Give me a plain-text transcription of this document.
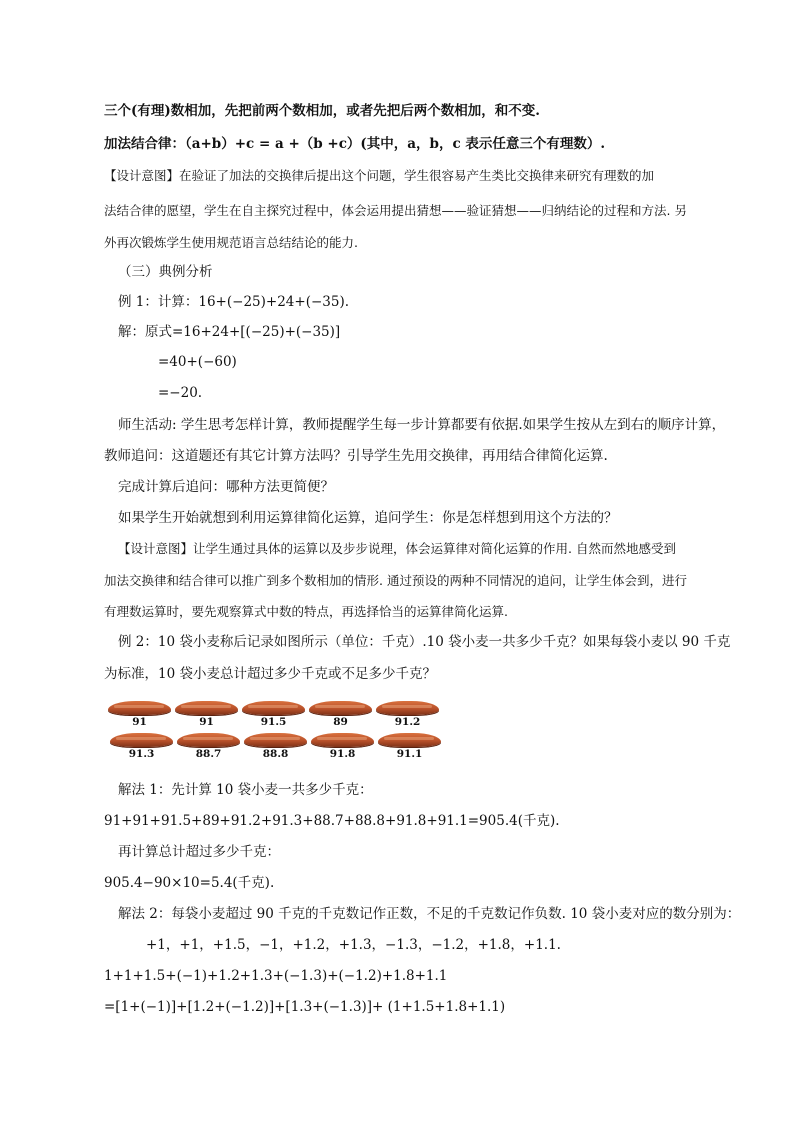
三个(有理)数相加，先把前两个数相加，或者先把后两个数相加，和不变.
加法结合律：（a+b）+c = a +（b +c）(其中，a，b，c 表示任意三个有理数）.
【设计意图】在验证了加法的交换律后提出这个问题，学生很容易产生类比交换律来研究有理数的加
法结合律的愿望，学生在自主探究过程中，体会运用提出猜想——验证猜想——归纳结论的过程和方法. 另
外再次锻炼学生使用规范语言总结结论的能力.
（三）典例分析
例 1：计算：16+(−25)+24+(−35).
解：原式=16+24+[(−25)+(−35)]
=40+(−60)
=−20.
师生活动: 学生思考怎样计算，教师提醒学生每一步计算都要有依据.如果学生按从左到右的顺序计算，
教师追问：这道题还有其它计算方法吗？引导学生先用交换律，再用结合律简化运算.
完成计算后追问：哪种方法更简便？
如果学生开始就想到利用运算律简化运算，追问学生：你是怎样想到用这个方法的？
【设计意图】让学生通过具体的运算以及步步说理，体会运算律对简化运算的作用. 自然而然地感受到
加法交换律和结合律可以推广到多个数相加的情形. 通过预设的两种不同情况的追问，让学生体会到，进行
有理数运算时，要先观察算式中数的特点，再选择恰当的运算律简化运算.
例 2：10 袋小麦称后记录如图所示（单位：千克）.10 袋小麦一共多少千克？如果每袋小麦以 90 千克
为标准，10 袋小麦总计超过多少千克或不足多少千克？
91	91	91.5	89	91.2
91.3	88.7	88.8	91.8	91.1
解法 1：先计算 10 袋小麦一共多少千克：
91+91+91.5+89+91.2+91.3+88.7+88.8+91.8+91.1=905.4(千克).
再计算总计超过多少千克：
905.4−90×10=5.4(千克).
解法 2：每袋小麦超过 90 千克的千克数记作正数，不足的千克数记作负数. 10 袋小麦对应的数分别为：
+1，+1，+1.5，−1，+1.2，+1.3，−1.3，−1.2，+1.8，+1.1.
1+1+1.5+(−1)+1.2+1.3+(−1.3)+(−1.2)+1.8+1.1
=[1+(−1)]+[1.2+(−1.2)]+[1.3+(−1.3)]+ (1+1.5+1.8+1.1)
